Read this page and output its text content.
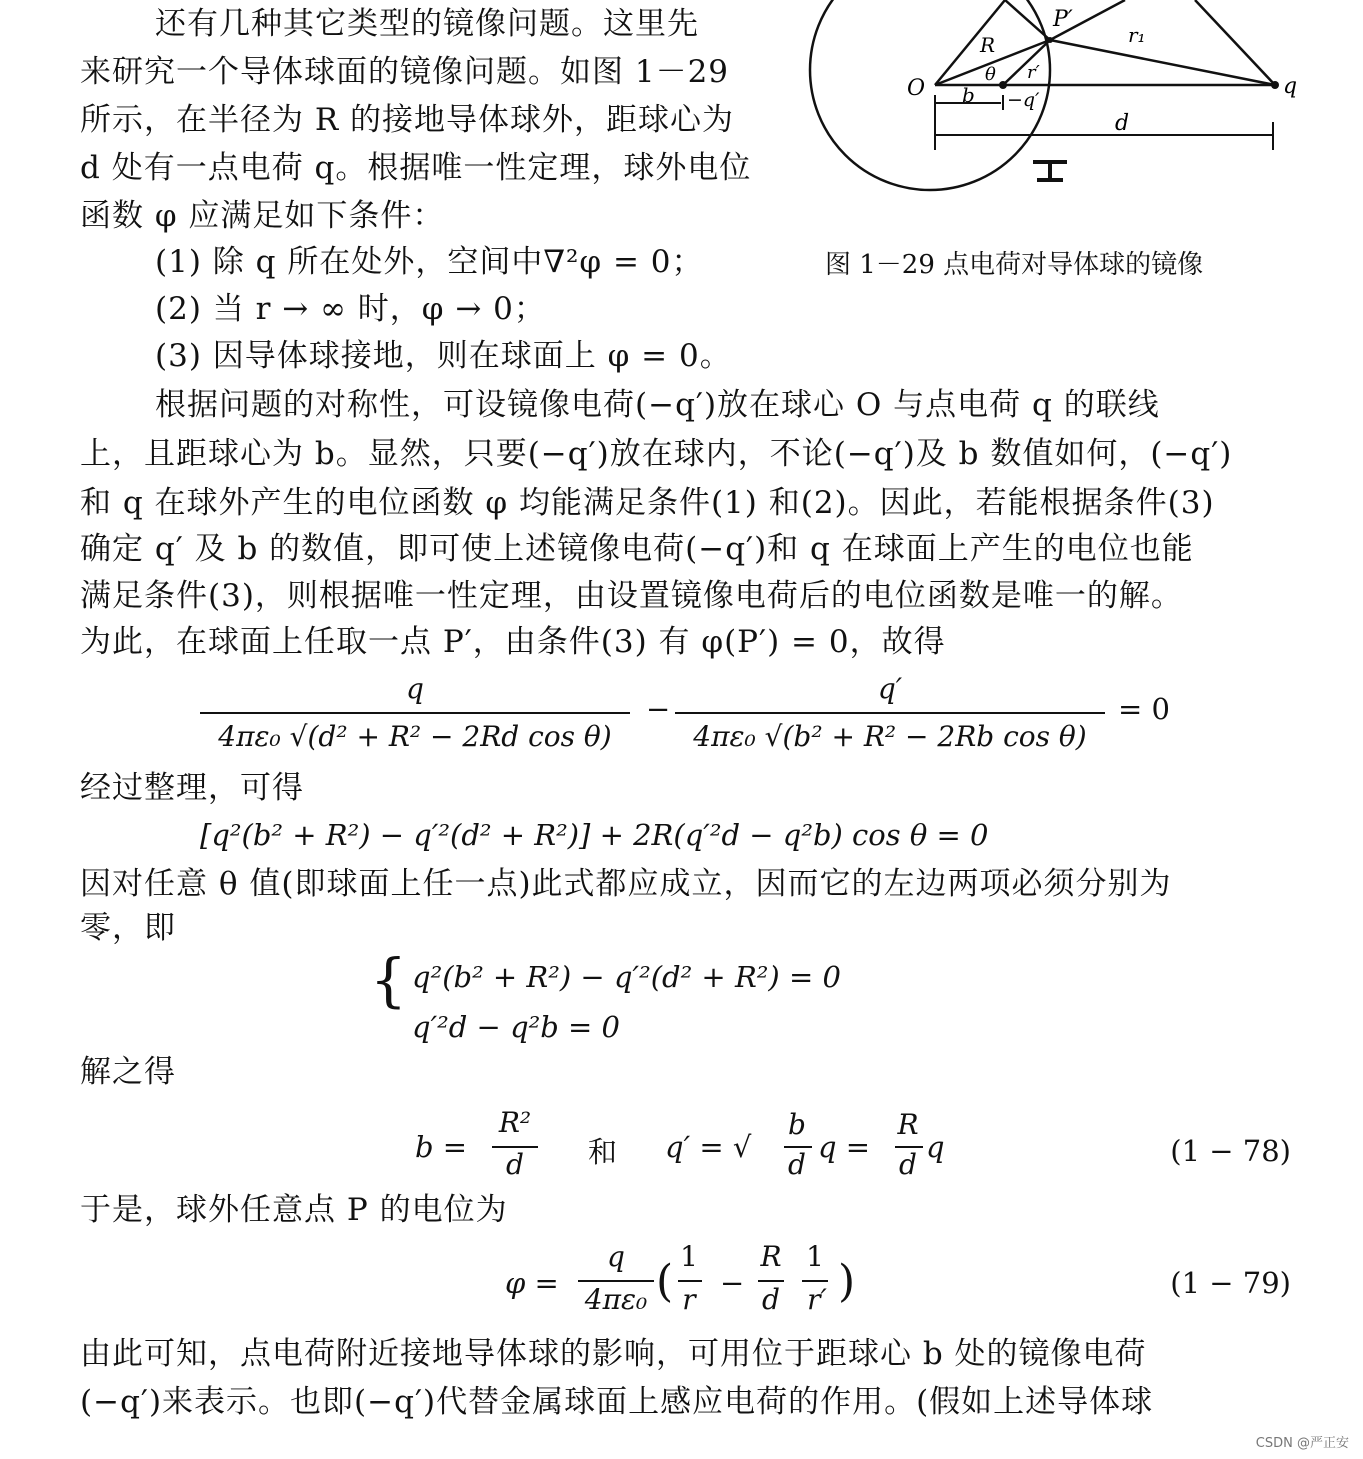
还有几种其它类型的镜像问题。这里先
来研究一个导体球面的镜像问题。如图 1－29
所示，在半径为 R 的接地导体球外，距球心为
d 处有一点电荷 q。根据唯一性定理，球外电位
函数 φ 应满足如下条件：
O
P′
R
θ r′
r₁
q
b −q′
d
图 1－29 点电荷对导体球的镜像
(1) 除 q 所在处外，空间中∇²φ = 0；
(2) 当 r → ∞ 时，φ → 0；
(3) 因导体球接地，则在球面上 φ = 0。
根据问题的对称性，可设镜像电荷(−q′)放在球心 O 与点电荷 q 的联线
上，且距球心为 b。显然，只要(−q′)放在球内，不论(−q′)及 b 数值如何，(−q′)
和 q 在球外产生的电位函数 φ 均能满足条件(1) 和(2)。因此，若能根据条件(3)
确定 q′ 及 b 的数值，即可使上述镜像电荷(−q′)和 q 在球面上产生的电位也能
满足条件(3)，则根据唯一性定理，由设置镜像电荷后的电位函数是唯一的解。
为此，在球面上任取一点 P′，由条件(3) 有 φ(P′) = 0，故得
q
4πε₀ √(d² + R² − 2Rd cos θ)
−
q′
4πε₀ √(b² + R² − 2Rb cos θ)
= 0
经过整理，可得
[q²(b² + R²) − q′²(d² + R²)] + 2R(q′²d − q²b) cos θ = 0
因对任意 θ 值(即球面上任一点)此式都应成立，因而它的左边两项必须分别为
零，即
{ q²(b² + R²) − q′²(d² + R²) = 0
q′²d − q²b = 0
解之得
b =
R²
d	和 q′ = √
b
d
q =
R
d
q	(1 − 78)
于是，球外任意点 P 的电位为
φ =
q
4πε₀ ( 1
r −
R
d
1
r′ )	(1 − 79)
由此可知，点电荷附近接地导体球的影响，可用位于距球心 b 处的镜像电荷
(−q′)来表示。也即(−q′)代替金属球面上感应电荷的作用。(假如上述导体球
CSDN @严正安
